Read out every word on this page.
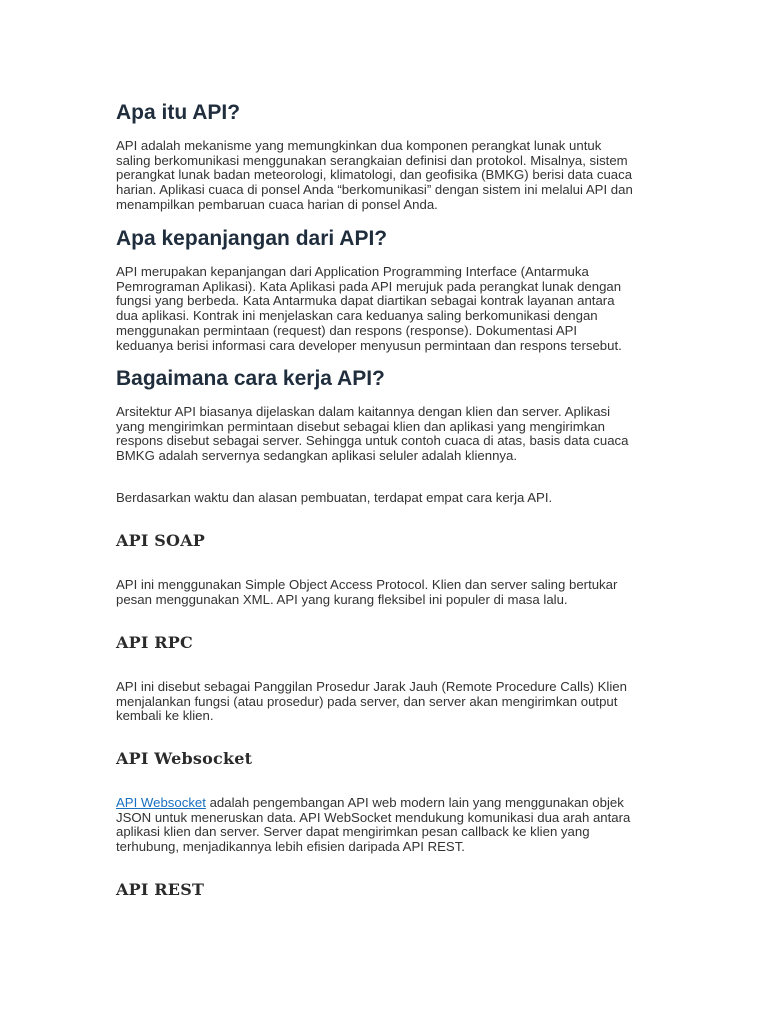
Apa itu API?

API adalah mekanisme yang memungkinkan dua komponen perangkat lunak untuk
saling berkomunikasi menggunakan serangkaian definisi dan protokol. Misalnya, sistem
perangkat lunak badan meteorologi, klimatologi, dan geofisika (BMKG) berisi data cuaca
harian. Aplikasi cuaca di ponsel Anda “berkomunikasi” dengan sistem ini melalui API dan
menampilkan pembaruan cuaca harian di ponsel Anda.

Apa kepanjangan dari API?

API merupakan kepanjangan dari Application Programming Interface (Antarmuka
Pemrograman Aplikasi). Kata Aplikasi pada API merujuk pada perangkat lunak dengan
fungsi yang berbeda. Kata Antarmuka dapat diartikan sebagai kontrak layanan antara
dua aplikasi. Kontrak ini menjelaskan cara keduanya saling berkomunikasi dengan
menggunakan permintaan (request) dan respons (response). Dokumentasi API
keduanya berisi informasi cara developer menyusun permintaan dan respons tersebut.

Bagaimana cara kerja API?

Arsitektur API biasanya dijelaskan dalam kaitannya dengan klien dan server. Aplikasi
yang mengirimkan permintaan disebut sebagai klien dan aplikasi yang mengirimkan
respons disebut sebagai server. Sehingga untuk contoh cuaca di atas, basis data cuaca
BMKG adalah servernya sedangkan aplikasi seluler adalah kliennya.

Berdasarkan waktu dan alasan pembuatan, terdapat empat cara kerja API.

API SOAP

API ini menggunakan Simple Object Access Protocol. Klien dan server saling bertukar
pesan menggunakan XML. API yang kurang fleksibel ini populer di masa lalu.

API RPC

API ini disebut sebagai Panggilan Prosedur Jarak Jauh (Remote Procedure Calls) Klien
menjalankan fungsi (atau prosedur) pada server, dan server akan mengirimkan output
kembali ke klien.

API Websocket

API Websocket adalah pengembangan API web modern lain yang menggunakan objek
JSON untuk meneruskan data. API WebSocket mendukung komunikasi dua arah antara
aplikasi klien dan server. Server dapat mengirimkan pesan callback ke klien yang
terhubung, menjadikannya lebih efisien daripada API REST.

API REST
